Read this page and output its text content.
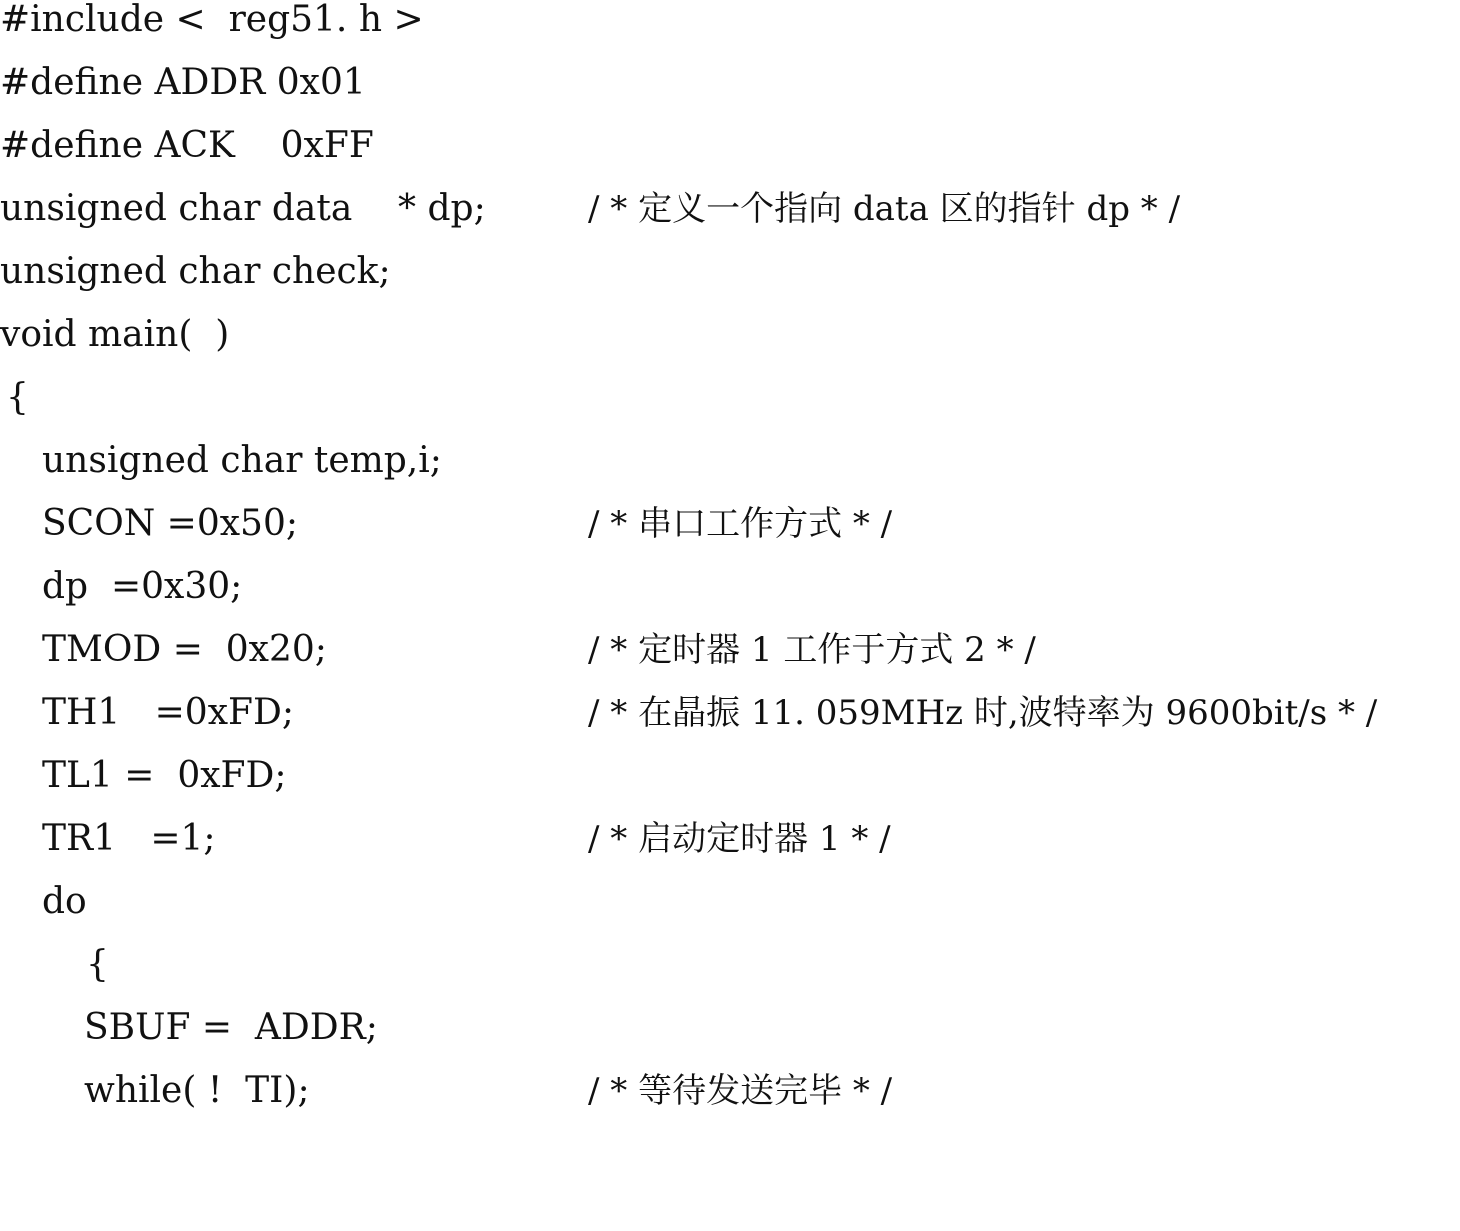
#include <  reg51. h >

#define ADDR 0x01

#define ACK    0xFF

unsigned char data    * dp;

	/ * 定义一个指向 data 区的指针 dp * /

unsigned char check;

void main(  )

{

unsigned char temp,i;

SCON =0x50;

	/ * 串口工作方式 * /

dp  =0x30;

TMOD =  0x20;

	/ * 定时器 1 工作于方式 2 * /

TH1   =0xFD;

	/ * 在晶振 11. 059MHz 时,波特率为 9600bit/s * /

TL1 =  0xFD;

TR1   =1;

	/ * 启动定时器 1 * /

do

{

SBUF =  ADDR;

while( !  TI);

	/ * 等待发送完毕 * /
